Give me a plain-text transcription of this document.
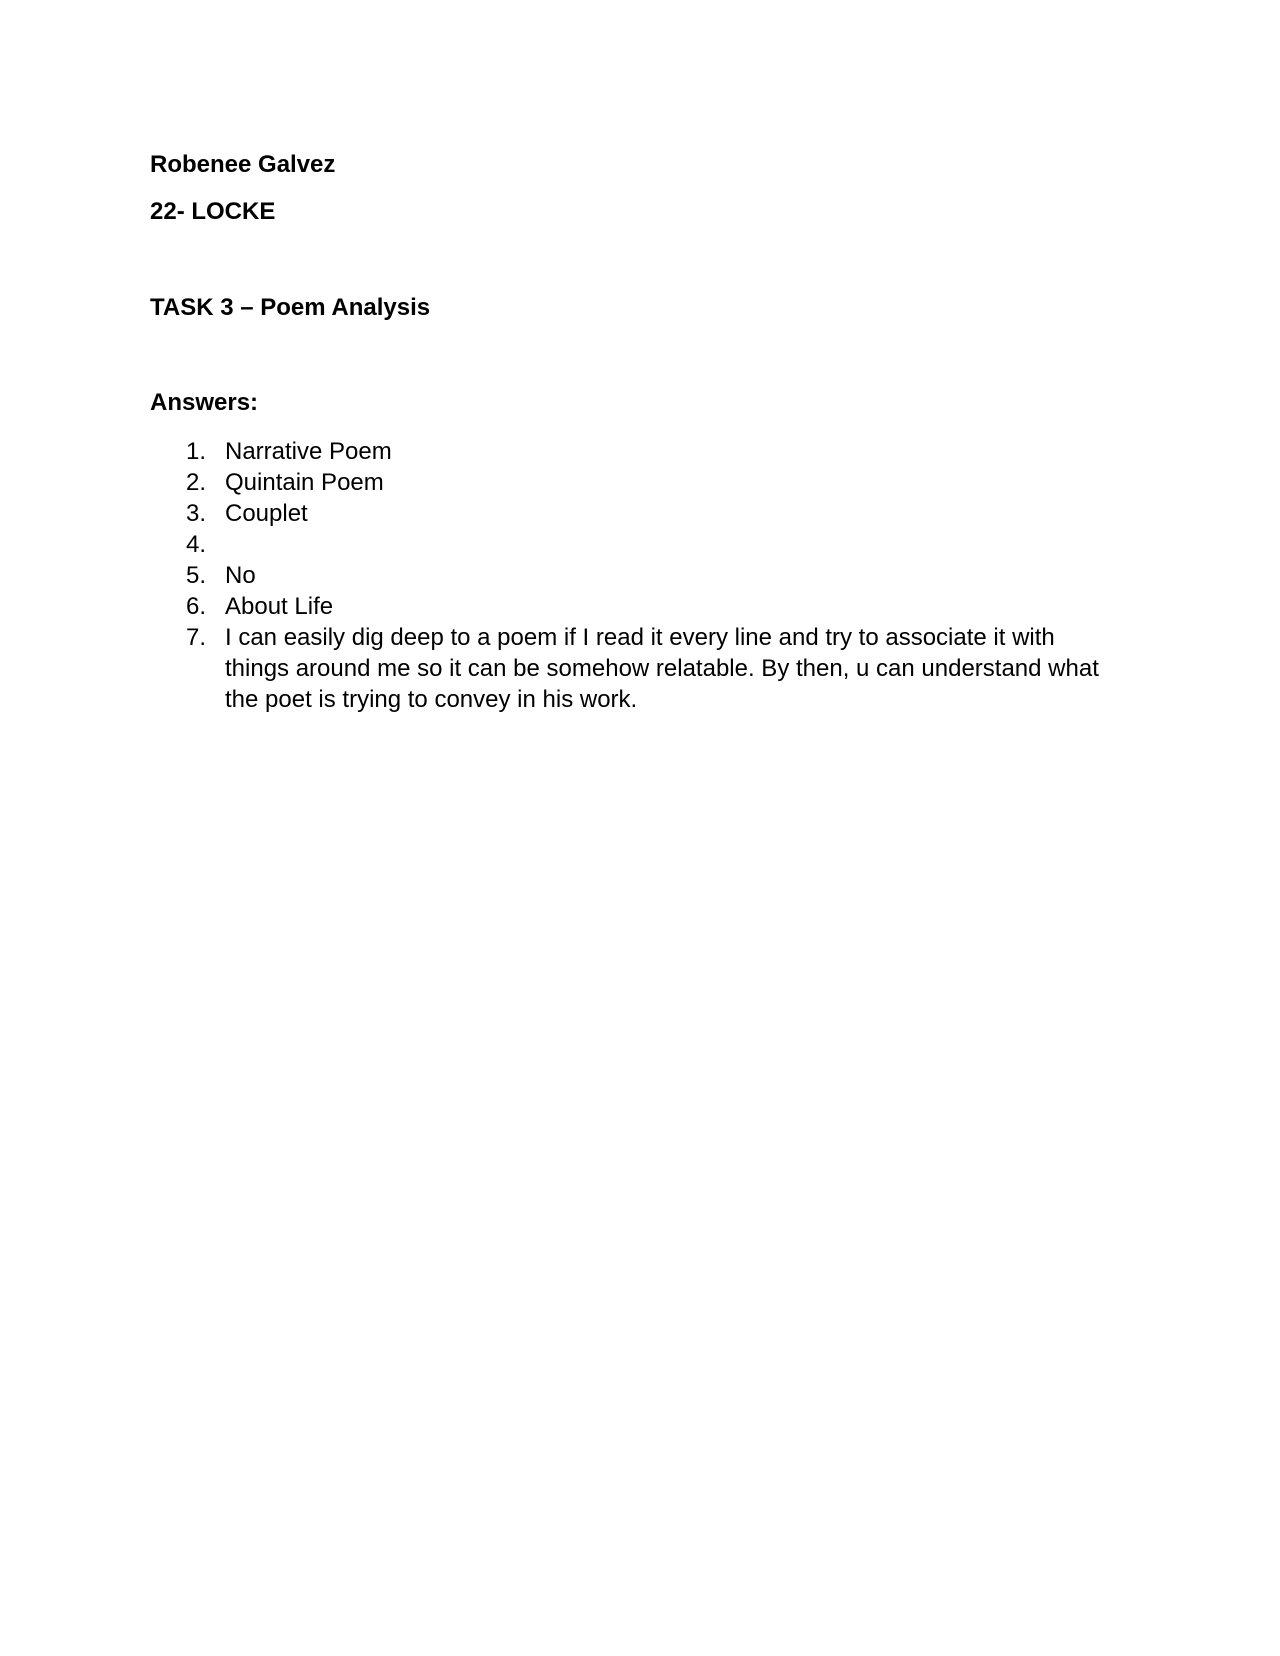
Robenee Galvez

22- LOCKE

TASK 3 – Poem Analysis

Answers:

1. Narrative Poem
2. Quintain Poem
3. Couplet
4.
5. No
6. About Life
7. I can easily dig deep to a poem if I read it every line and try to associate it with things around me so it can be somehow relatable. By then, u can understand what the poet is trying to convey in his work.
